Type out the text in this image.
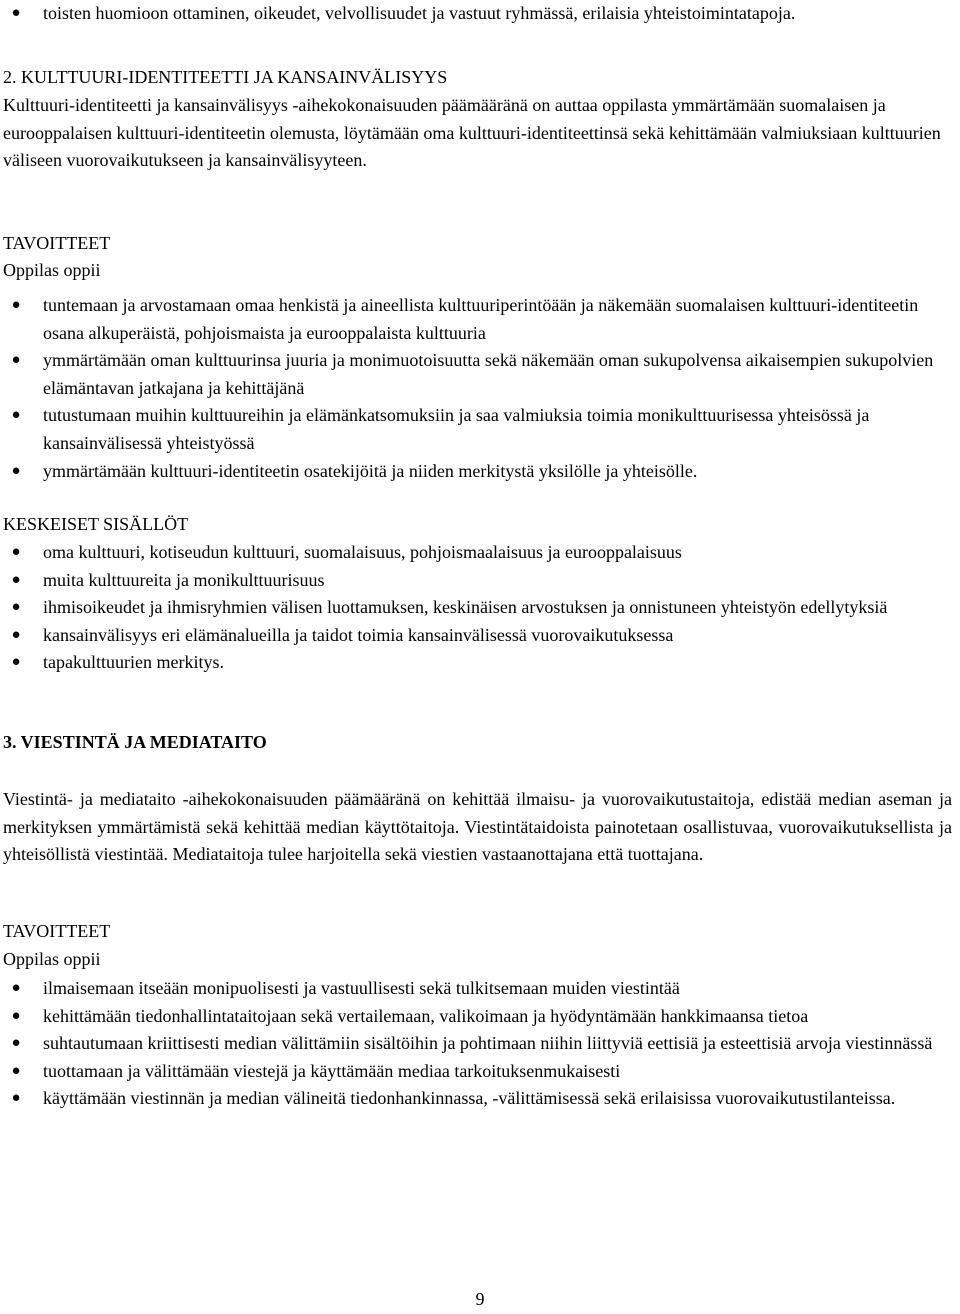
● toisten huomioon ottaminen, oikeudet, velvollisuudet ja vastuut ryhmässä, erilaisia yhteistoimintatapoja.

2. KULTTUURI-IDENTITEETTI JA KANSAINVÄLISYYS

Kulttuuri-identiteetti ja kansainvälisyys -aihekokonaisuuden päämääränä on auttaa oppilasta ymmärtämään suomalaisen ja eurooppalaisen kulttuuri-identiteetin olemusta, löytämään oma kulttuuri-identiteettinsä sekä kehittämään valmiuksiaan kulttuurien väliseen vuorovaikutukseen ja kansainvälisyyteen.

TAVOITTEET

Oppilas oppii

● tuntemaan ja arvostamaan omaa henkistä ja aineellista kulttuuriperintöään ja näkemään suomalaisen kulttuuri-identiteetin osana alkuperäistä, pohjoismaista ja eurooppalaista kulttuuria
● ymmärtämään oman kulttuurinsa juuria ja monimuotoisuutta sekä näkemään oman sukupolvensa aikaisempien sukupolvien elämäntavan jatkajana ja kehittäjänä
● tutustumaan muihin kulttuureihin ja elämänkatsomuksiin ja saa valmiuksia toimia monikulttuurisessa yhteisössä ja kansainvälisessä yhteistyössä
● ymmärtämään kulttuuri-identiteetin osatekijöitä ja niiden merkitystä yksilölle ja yhteisölle.

KESKEISET SISÄLLÖT

● oma kulttuuri, kotiseudun kulttuuri, suomalaisuus, pohjoismaalaisuus ja eurooppalaisuus
● muita kulttuureita ja monikulttuurisuus
● ihmisoikeudet ja ihmisryhmien välisen luottamuksen, keskinäisen arvostuksen ja onnistuneen yhteistyön edellytyksiä
● kansainvälisyys eri elämänalueilla ja taidot toimia kansainvälisessä vuorovaikutuksessa
● tapakulttuurien merkitys.

3. VIESTINTÄ JA MEDIATAITO

Viestintä- ja mediataito -aihekokonaisuuden päämääränä on kehittää ilmaisu- ja vuorovaikutustaitoja, edistää median aseman ja merkityksen ymmärtämistä sekä kehittää median käyttötaitoja. Viestintätaidoista painotetaan osallistuvaa, vuorovaikutuksellista ja yhteisöllistä viestintää. Mediataitoja tulee harjoitella sekä viestien vastaanottajana että tuottajana.

TAVOITTEET

Oppilas oppii

● ilmaisemaan itseään monipuolisesti ja vastuullisesti sekä tulkitsemaan muiden viestintää
● kehittämään tiedonhallintataitojaan sekä vertailemaan, valikoimaan ja hyödyntämään hankkimaansa tietoa
● suhtautumaan kriittisesti median välittämiin sisältöihin ja pohtimaan niihin liittyviä eettisiä ja esteettisiä arvoja viestinnässä
● tuottamaan ja välittämään viestejä ja käyttämään mediaa tarkoituksenmukaisesti
● käyttämään viestinnän ja median välineitä tiedonhankinnassa, -välittämisessä sekä erilaisissa vuorovaikutustilanteissa.
9
